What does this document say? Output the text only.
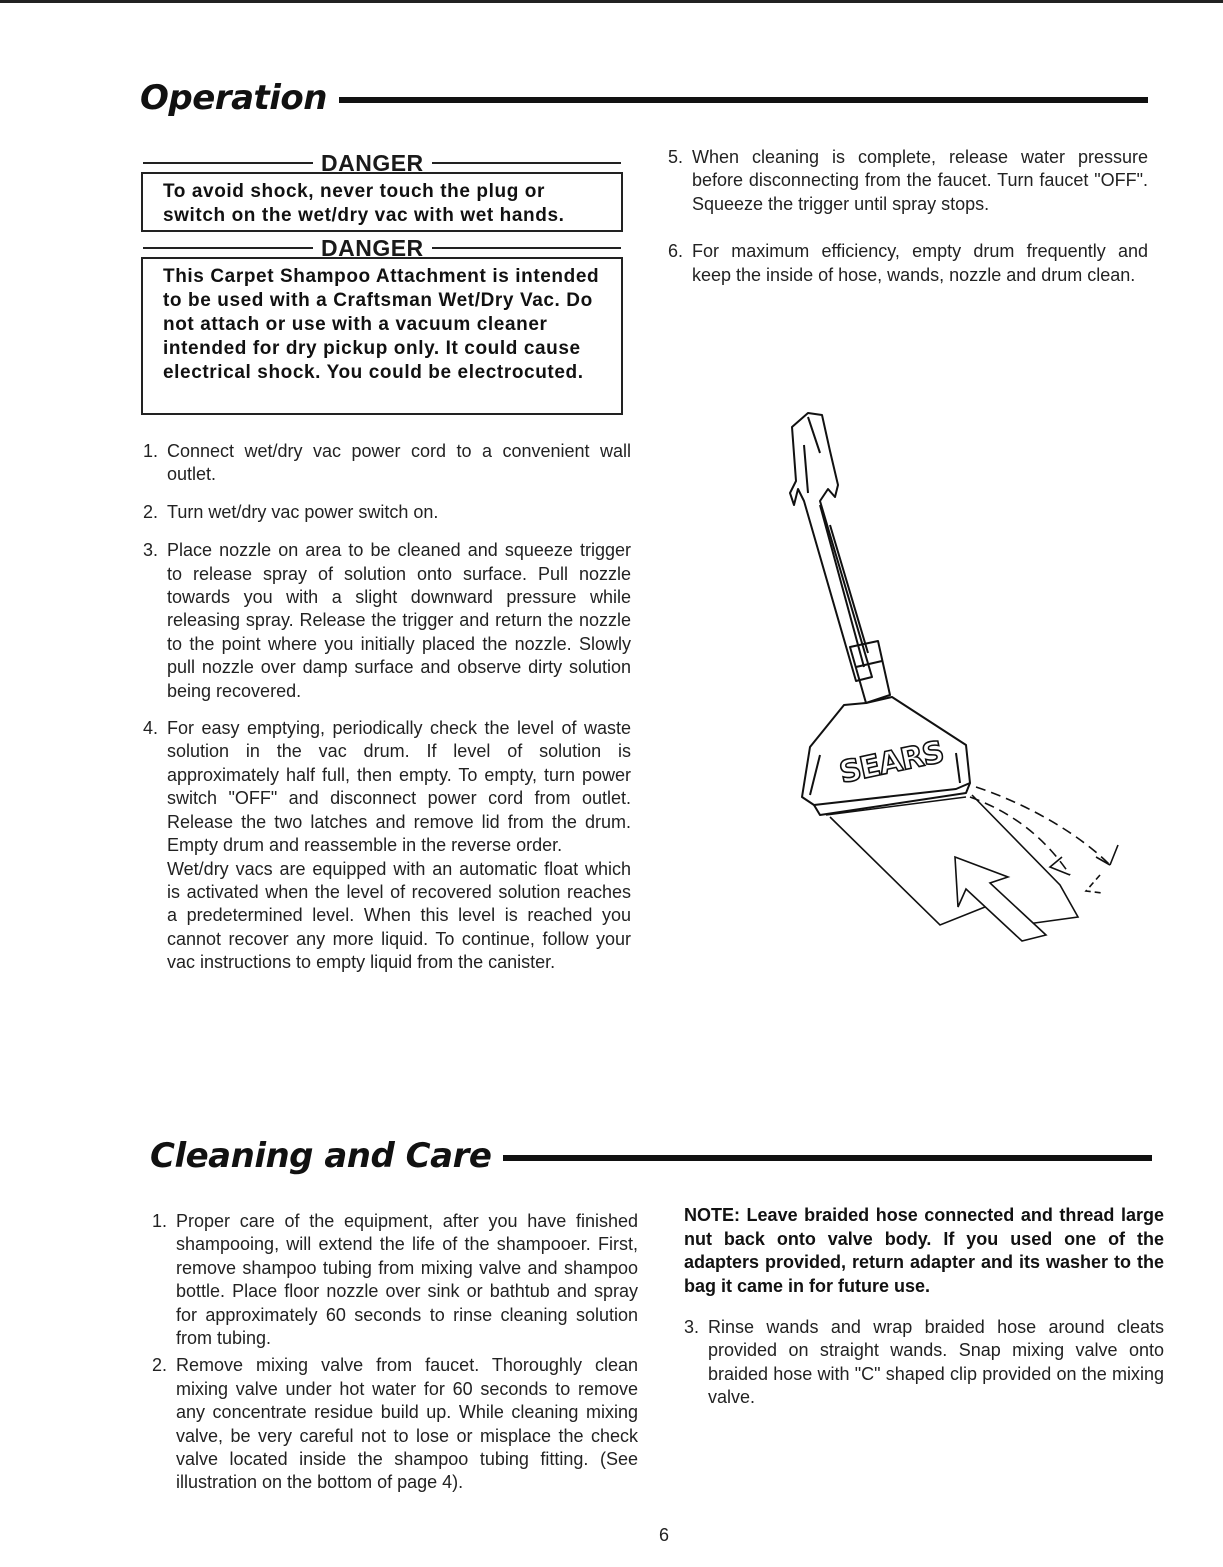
Operation
DANGER

To avoid shock, never touch the plug or switch on the wet/dry vac with wet hands.

DANGER

This Carpet Shampoo Attachment is intended to be used with a Craftsman Wet/Dry Vac. Do not attach or use with a vacuum cleaner intended for dry pickup only. It could cause electrical shock. You could be electrocuted.

1. Connect wet/dry vac power cord to a convenient wall outlet.

2. Turn wet/dry vac power switch on.

3. Place nozzle on area to be cleaned and squeeze trigger to release spray of solution onto surface. Pull nozzle towards you with a slight downward pressure while releasing spray. Release the trigger and return the nozzle to the point where you initially placed the nozzle. Slowly pull nozzle over damp surface and observe dirty solution being recovered.

4. For easy emptying, periodically check the level of waste solution in the vac drum. If level of solution is approximately half full, then empty. To empty, turn power switch "OFF" and disconnect power cord from outlet. Release the two latches and remove lid from the drum. Empty drum and reassemble in the reverse order.

Wet/dry vacs are equipped with an automatic float which is activated when the level of recovered solution reaches a predetermined level. When this level is reached you cannot recover any more liquid. To continue, follow your vac instructions to empty liquid from the canister.

5. When cleaning is complete, release water pressure before disconnecting from the faucet. Turn faucet "OFF". Squeeze the trigger until spray stops.

6. For maximum efficiency, empty drum frequently and keep the inside of hose, wands, nozzle and drum clean.

SEARS
Cleaning and Care
1. Proper care of the equipment, after you have finished shampooing, will extend the life of the shampooer. First, remove shampoo tubing from mixing valve and shampoo bottle. Place floor nozzle over sink or bathtub and spray for approximately 60 seconds to rinse cleaning solution from tubing.

2. Remove mixing valve from faucet. Thoroughly clean mixing valve under hot water for 60 seconds to remove any concentrate residue build up. While cleaning mixing valve, be very careful not to lose or misplace the check valve located inside the shampoo tubing fitting. (See illustration on the bottom of page 4).

NOTE: Leave braided hose connected and thread large nut back onto valve body. If you used one of the adapters provided, return adapter and its washer to the bag it came in for future use.

3. Rinse wands and wrap braided hose around cleats provided on straight wands. Snap mixing valve onto braided hose with "C" shaped clip provided on the mixing valve.

6
